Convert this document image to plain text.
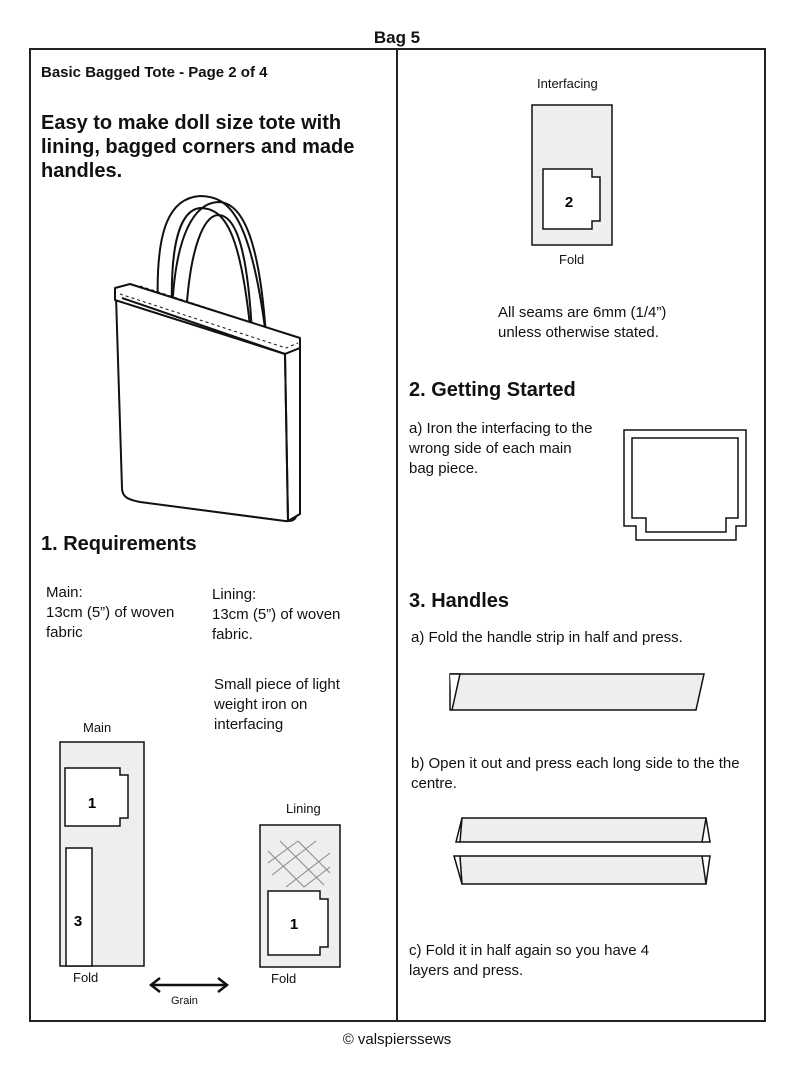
Bag 5
Basic Bagged Tote - Page 2 of 4
Easy to make doll size tote with lining, bagged corners and made handles.
1. Requirements
Main:
13cm (5”) of woven fabric
Lining:
13cm (5”) of woven fabric.
Small piece of light weight iron on interfacing
Main
1
3
Fold
Grain
Lining
1
Fold
Interfacing
2
Fold
All seams are 6mm (1/4”) unless otherwise stated.
2. Getting Started
a) Iron the interfacing to the wrong side of each main bag piece.
3. Handles
a) Fold the handle strip in half and press.
b) Open it out and press each long side to the the centre.
c) Fold it in half again so you have 4 layers and press.
© valspierssews
